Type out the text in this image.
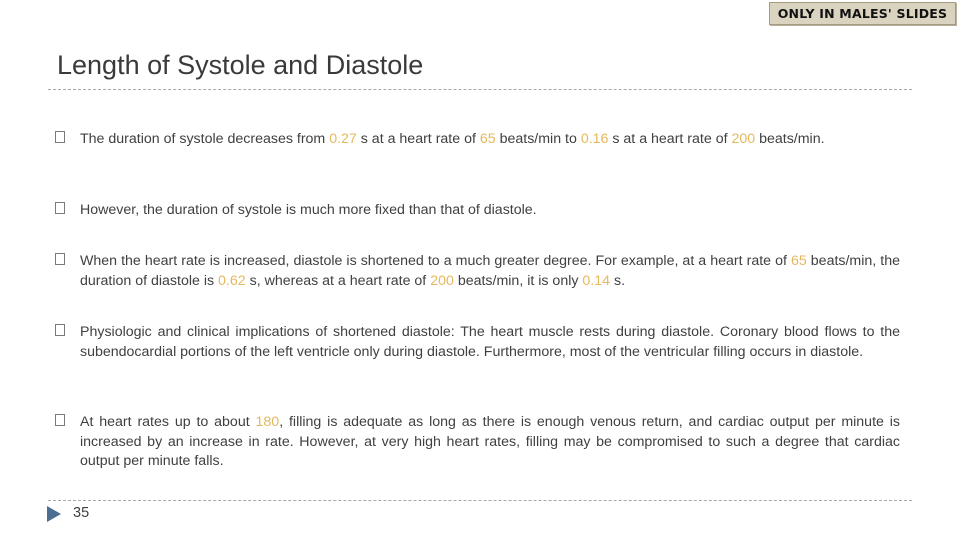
ONLY IN MALES' SLIDES
Length of Systole and Diastole
The duration of systole decreases from 0.27 s at a heart rate of 65 beats/min to 0.16 s at a heart rate of 200 beats/min.
However, the duration of systole is much more fixed than that of diastole.
When the heart rate is increased, diastole is shortened to a much greater degree. For example, at a heart rate of 65 beats/min, the duration of diastole is 0.62 s, whereas at a heart rate of 200 beats/min, it is only 0.14 s.
Physiologic and clinical implications of shortened diastole: The heart muscle rests during diastole. Coronary blood flows to the subendocardial portions of the left ventricle only during diastole. Furthermore, most of the ventricular filling occurs in diastole.
At heart rates up to about 180, filling is adequate as long as there is enough venous return, and cardiac output per minute is increased by an increase in rate. However, at very high heart rates, filling may be compromised to such a degree that cardiac output per minute falls.
35
